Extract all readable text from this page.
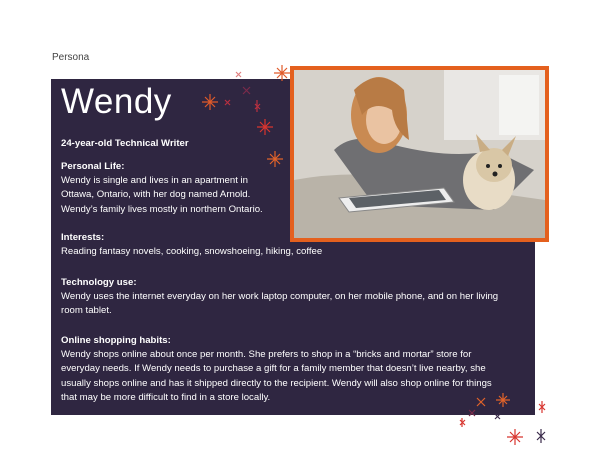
Persona
Wendy
24-year-old Technical Writer
Personal Life:
Wendy is single and lives in an apartment in
Ottawa, Ontario, with her dog named Arnold.
Wendy’s family lives mostly in northern Ontario.
Interests:
Reading fantasy novels, cooking, snowshoeing, hiking, coffee
Technology use:
Wendy uses the internet everyday on her work laptop computer, on her mobile phone, and on her living
room tablet.
Online shopping habits:
Wendy shops online about once per month. She prefers to shop in a “bricks and mortar” store for
everyday needs. If Wendy needs to purchase a gift for a family member that doesn’t live nearby, she
usually shops online and has it shipped directly to the recipient. Wendy will also shop online for things
that may be more difficult to find in a store locally.
